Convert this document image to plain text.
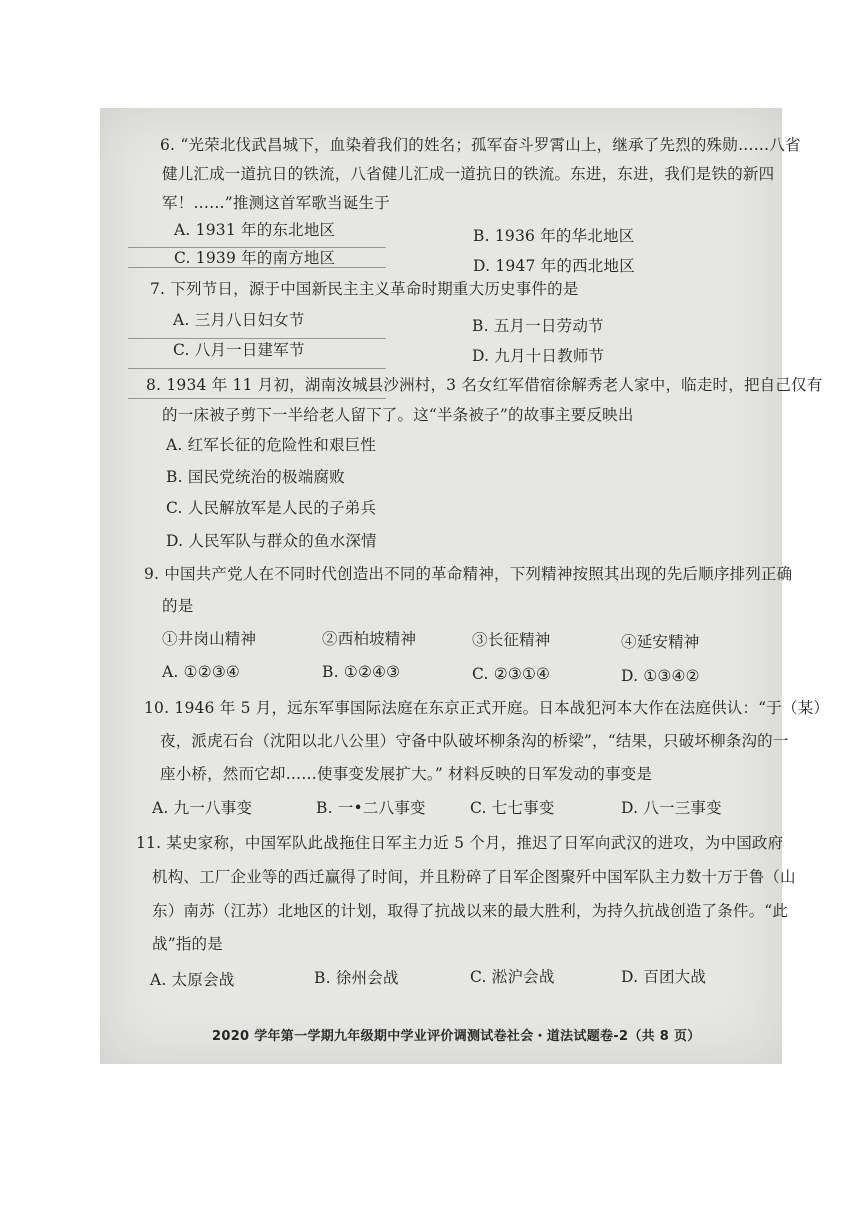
6. “光荣北伐武昌城下，血染着我们的姓名；孤军奋斗罗霄山上，继承了先烈的殊勋……八省
健儿汇成一道抗日的铁流，八省健儿汇成一道抗日的铁流。东进，东进，我们是铁的新四
军！……”推测这首军歌当诞生于
A. 1931 年的东北地区	B. 1936 年的华北地区
C. 1939 年的南方地区	D. 1947 年的西北地区
7. 下列节日，源于中国新民主主义革命时期重大历史事件的是
A. 三月八日妇女节	B. 五月一日劳动节
C. 八月一日建军节	D. 九月十日教师节
8. 1934 年 11 月初，湖南汝城县沙洲村，3 名女红军借宿徐解秀老人家中，临走时，把自己仅有
的一床被子剪下一半给老人留下了。这“半条被子”的故事主要反映出
A. 红军长征的危险性和艰巨性
B. 国民党统治的极端腐败
C. 人民解放军是人民的子弟兵
D. 人民军队与群众的鱼水深情
9. 中国共产党人在不同时代创造出不同的革命精神，下列精神按照其出现的先后顺序排列正确
的是
①井岗山精神	②西柏坡精神	③长征精神	④延安精神
A. ①②③④	B. ①②④③	C. ②③①④	D. ①③④②
10. 1946 年 5 月，远东军事国际法庭在东京正式开庭。日本战犯河本大作在法庭供认：“于（某）
夜，派虎石台（沈阳以北八公里）守备中队破坏柳条沟的桥梁”，“结果，只破坏柳条沟的一
座小桥，然而它却……使事变发展扩大。” 材料反映的日军发动的事变是
A. 九一八事变	B. 一•二八事变	C. 七七事变	D. 八一三事变
11. 某史家称，中国军队此战拖住日军主力近 5 个月，推迟了日军向武汉的进攻，为中国政府
机构、工厂企业等的西迁赢得了时间，并且粉碎了日军企图聚歼中国军队主力数十万于鲁（山
东）南苏（江苏）北地区的计划，取得了抗战以来的最大胜利，为持久抗战创造了条件。“此
战”指的是
A. 太原会战	B. 徐州会战	C. 淞沪会战	D. 百团大战
2020 学年第一学期九年级期中学业评价调测试卷社会・道法试题卷-2（共 8 页）
